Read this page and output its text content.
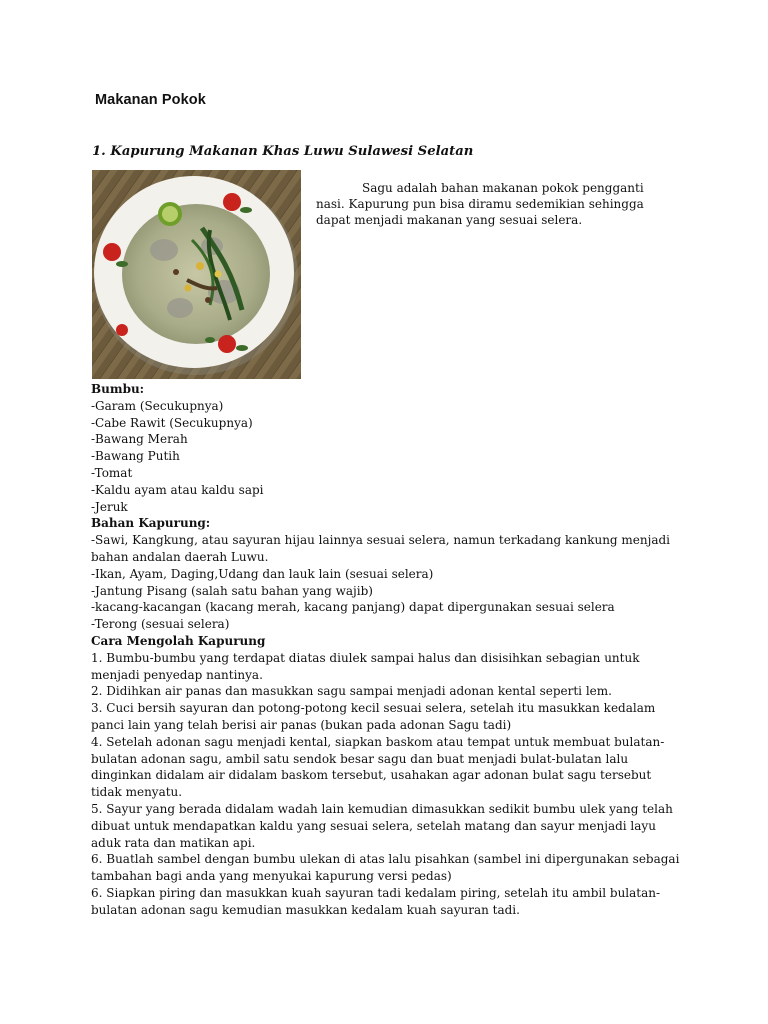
Makanan Pokok
1. Kapurung Makanan Khas Luwu Sulawesi Selatan

Sagu adalah bahan makanan pokok pengganti nasi. Kapurung pun bisa diramu sedemikian sehingga dapat menjadi makanan yang sesuai selera.

Bumbu:

-Garam (Secukupnya)

-Cabe Rawit (Secukupnya)

-Bawang Merah

-Bawang Putih

-Tomat

-Kaldu ayam atau kaldu sapi

-Jeruk

Bahan Kapurung:

-Sawi, Kangkung, atau sayuran hijau lainnya sesuai selera, namun terkadang kankung menjadi bahan andalan daerah Luwu.

-Ikan, Ayam, Daging,Udang dan lauk lain (sesuai selera)

-Jantung Pisang (salah satu bahan yang wajib)

-kacang-kacangan (kacang merah, kacang panjang) dapat dipergunakan sesuai selera

-Terong (sesuai selera)

Cara Mengolah Kapurung

1. Bumbu-bumbu yang terdapat diatas diulek sampai halus dan disisihkan sebagian untuk menjadi penyedap nantinya.

2. Didihkan air panas dan masukkan sagu sampai menjadi adonan kental seperti lem.

3. Cuci bersih sayuran dan potong-potong kecil sesuai selera, setelah itu masukkan kedalam panci lain yang telah berisi air panas (bukan pada adonan Sagu tadi)

4. Setelah adonan sagu menjadi kental, siapkan baskom atau tempat untuk membuat bulatan-bulatan adonan sagu, ambil satu sendok besar sagu dan buat menjadi bulat-bulatan lalu dinginkan didalam air didalam baskom tersebut, usahakan agar adonan bulat sagu tersebut tidak menyatu.

5. Sayur yang berada didalam wadah lain kemudian dimasukkan sedikit bumbu ulek yang telah dibuat untuk mendapatkan kaldu yang sesuai selera, setelah matang dan sayur menjadi layu aduk rata dan matikan api.

6. Buatlah sambel dengan bumbu ulekan di atas lalu pisahkan (sambel ini dipergunakan sebagai tambahan bagi anda yang menyukai kapurung versi pedas)

6. Siapkan piring dan masukkan kuah sayuran tadi kedalam piring, setelah itu ambil bulatan-bulatan adonan sagu kemudian masukkan kedalam kuah sayuran tadi.
